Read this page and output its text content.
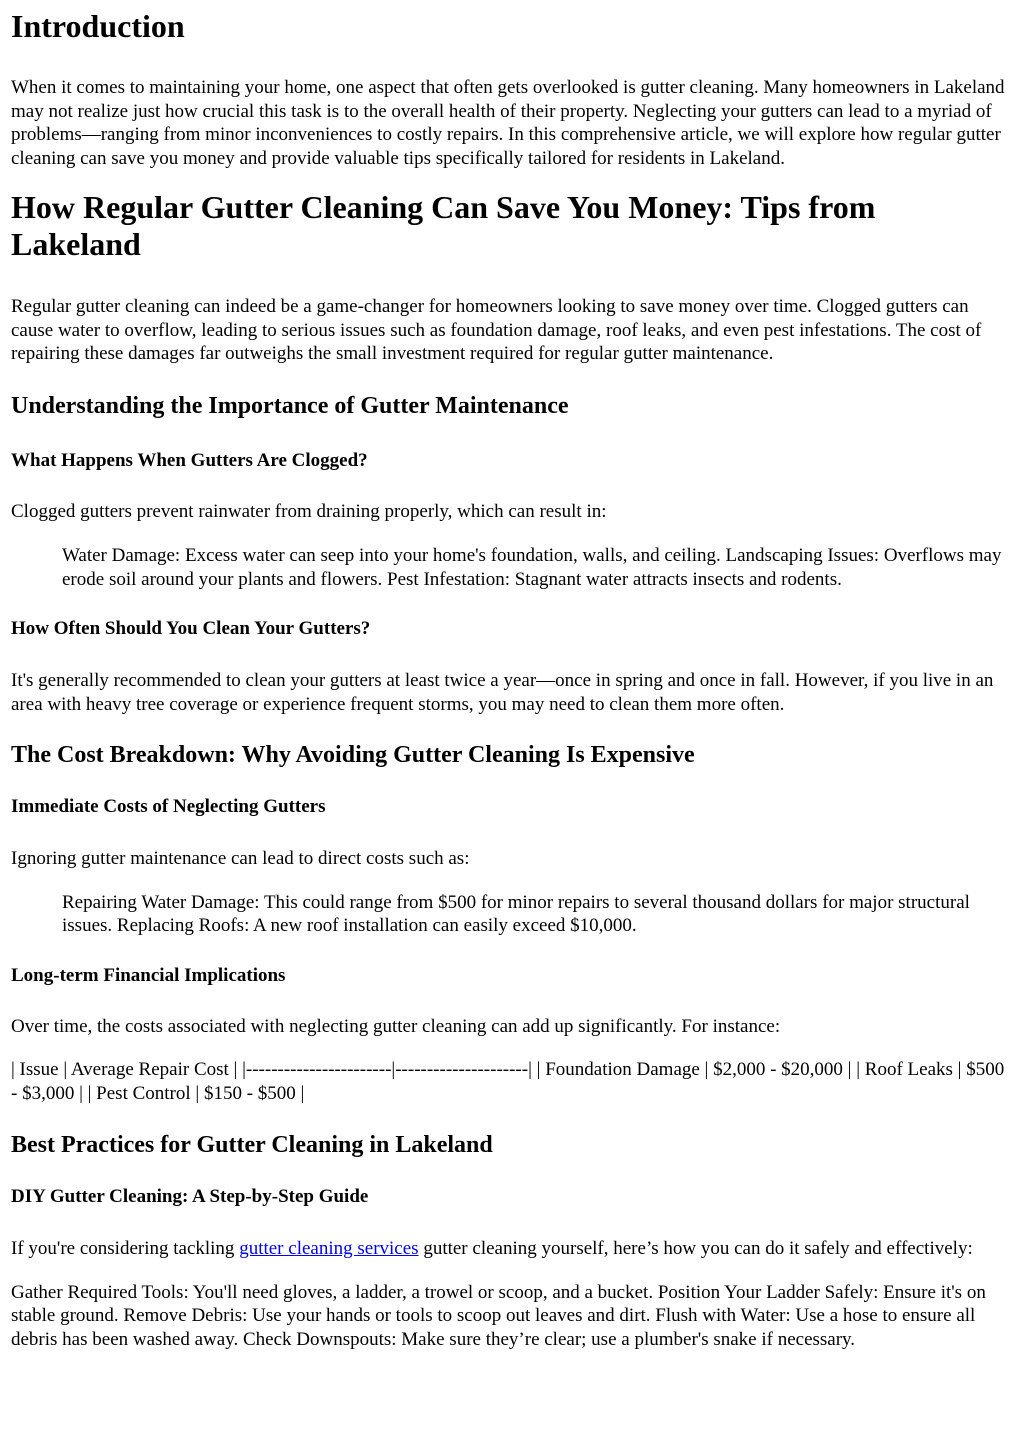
Introduction

When it comes to maintaining your home, one aspect that often gets overlooked is gutter cleaning. Many homeowners in Lakeland may not realize just how crucial this task is to the overall health of their property. Neglecting your gutters can lead to a myriad of problems—ranging from minor inconveniences to costly repairs. In this comprehensive article, we will explore how regular gutter cleaning can save you money and provide valuable tips specifically tailored for residents in Lakeland.

How Regular Gutter Cleaning Can Save You Money: Tips from Lakeland

Regular gutter cleaning can indeed be a game-changer for homeowners looking to save money over time. Clogged gutters can cause water to overflow, leading to serious issues such as foundation damage, roof leaks, and even pest infestations. The cost of repairing these damages far outweighs the small investment required for regular gutter maintenance.

Understanding the Importance of Gutter Maintenance
What Happens When Gutters Are Clogged?

Clogged gutters prevent rainwater from draining properly, which can result in:

Water Damage: Excess water can seep into your home's foundation, walls, and ceiling. Landscaping Issues: Overflows may erode soil around your plants and flowers. Pest Infestation: Stagnant water attracts insects and rodents.

How Often Should You Clean Your Gutters?

It's generally recommended to clean your gutters at least twice a year—once in spring and once in fall. However, if you live in an area with heavy tree coverage or experience frequent storms, you may need to clean them more often.

The Cost Breakdown: Why Avoiding Gutter Cleaning Is Expensive
Immediate Costs of Neglecting Gutters

Ignoring gutter maintenance can lead to direct costs such as:

Repairing Water Damage: This could range from $500 for minor repairs to several thousand dollars for major structural issues. Replacing Roofs: A new roof installation can easily exceed $10,000.

Long-term Financial Implications

Over time, the costs associated with neglecting gutter cleaning can add up significantly. For instance:

| Issue | Average Repair Cost | |-----------------------|---------------------| | Foundation Damage | $2,000 - $20,000 | | Roof Leaks | $500 - $3,000 | | Pest Control | $150 - $500 |

Best Practices for Gutter Cleaning in Lakeland
DIY Gutter Cleaning: A Step-by-Step Guide

If you're considering tackling gutter cleaning services gutter cleaning yourself, here’s how you can do it safely and effectively:

Gather Required Tools: You'll need gloves, a ladder, a trowel or scoop, and a bucket. Position Your Ladder Safely: Ensure it's on stable ground. Remove Debris: Use your hands or tools to scoop out leaves and dirt. Flush with Water: Use a hose to ensure all debris has been washed away. Check Downspouts: Make sure they’re clear; use a plumber's snake if necessary.
